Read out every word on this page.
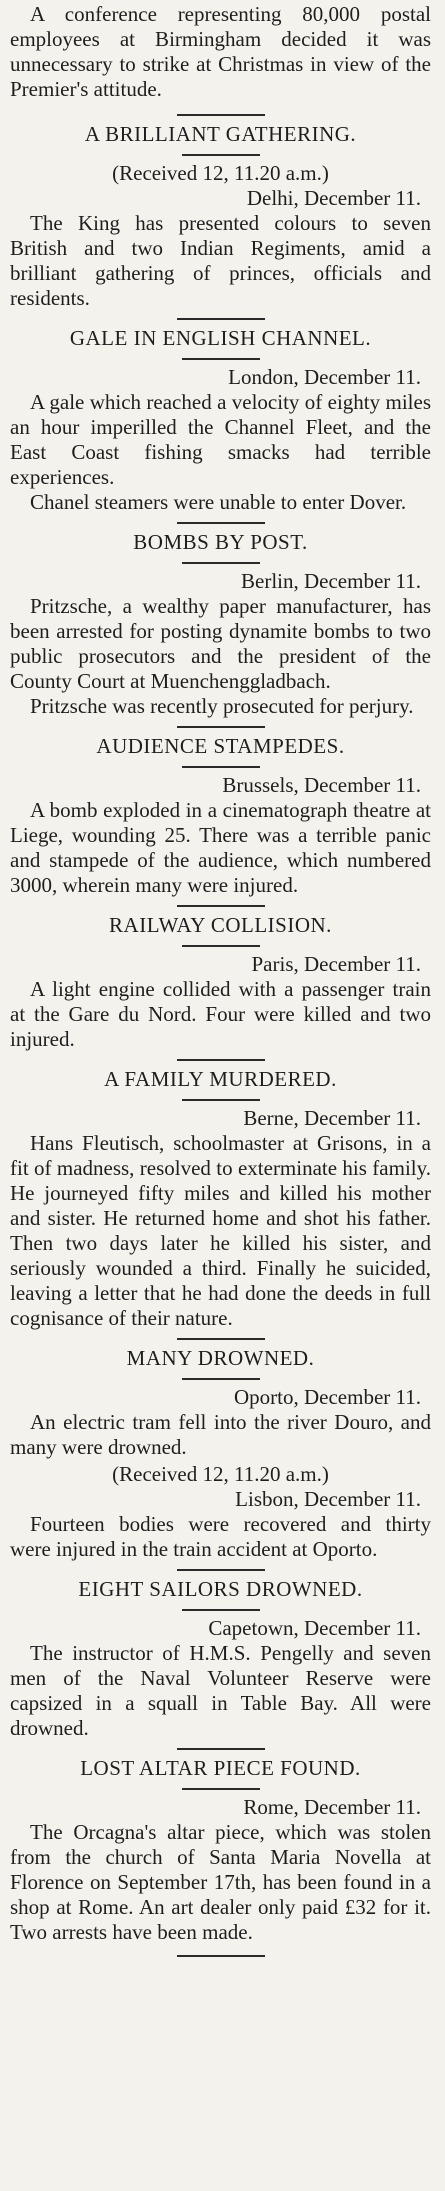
A conference representing 80,000 postal employees at Birmingham decided it was unnecessary to strike at Christmas in view of the Premier's attitude.

A BRILLIANT GATHERING.

(Received 12, 11.20 a.m.)

Delhi, December 11.

The King has presented colours to seven British and two Indian Regiments, amid a brilliant gathering of princes, officials and residents.

GALE IN ENGLISH CHANNEL.

London, December 11.

A gale which reached a velocity of eighty miles an hour imperilled the Channel Fleet, and the East Coast fishing smacks had terrible experiences.

Chanel steamers were unable to enter Dover.

BOMBS BY POST.

Berlin, December 11.

Pritzsche, a wealthy paper manufacturer, has been arrested for posting dynamite bombs to two public prosecutors and the president of the County Court at Muenchenggladbach.

Pritzsche was recently prosecuted for perjury.

AUDIENCE STAMPEDES.

Brussels, December 11.

A bomb exploded in a cinematograph theatre at Liege, wounding 25. There was a terrible panic and stampede of the audience, which numbered 3000, wherein many were injured.

RAILWAY COLLISION.

Paris, December 11.

A light engine collided with a passenger train at the Gare du Nord. Four were killed and two injured.

A FAMILY MURDERED.

Berne, December 11.

Hans Fleutisch, schoolmaster at Grisons, in a fit of madness, resolved to exterminate his family. He journeyed fifty miles and killed his mother and sister. He returned home and shot his father. Then two days later he killed his sister, and seriously wounded a third. Finally he suicided, leaving a letter that he had done the deeds in full cognisance of their nature.

MANY DROWNED.

Oporto, December 11.

An electric tram fell into the river Douro, and many were drowned.

(Received 12, 11.20 a.m.)

Lisbon, December 11.

Fourteen bodies were recovered and thirty were injured in the train accident at Oporto.

EIGHT SAILORS DROWNED.

Capetown, December 11.

The instructor of H.M.S. Pengelly and seven men of the Naval Volunteer Reserve were capsized in a squall in Table Bay. All were drowned.

LOST ALTAR PIECE FOUND.

Rome, December 11.

The Orcagna's altar piece, which was stolen from the church of Santa Maria Novella at Florence on September 17th, has been found in a shop at Rome. An art dealer only paid £32 for it. Two arrests have been made.
